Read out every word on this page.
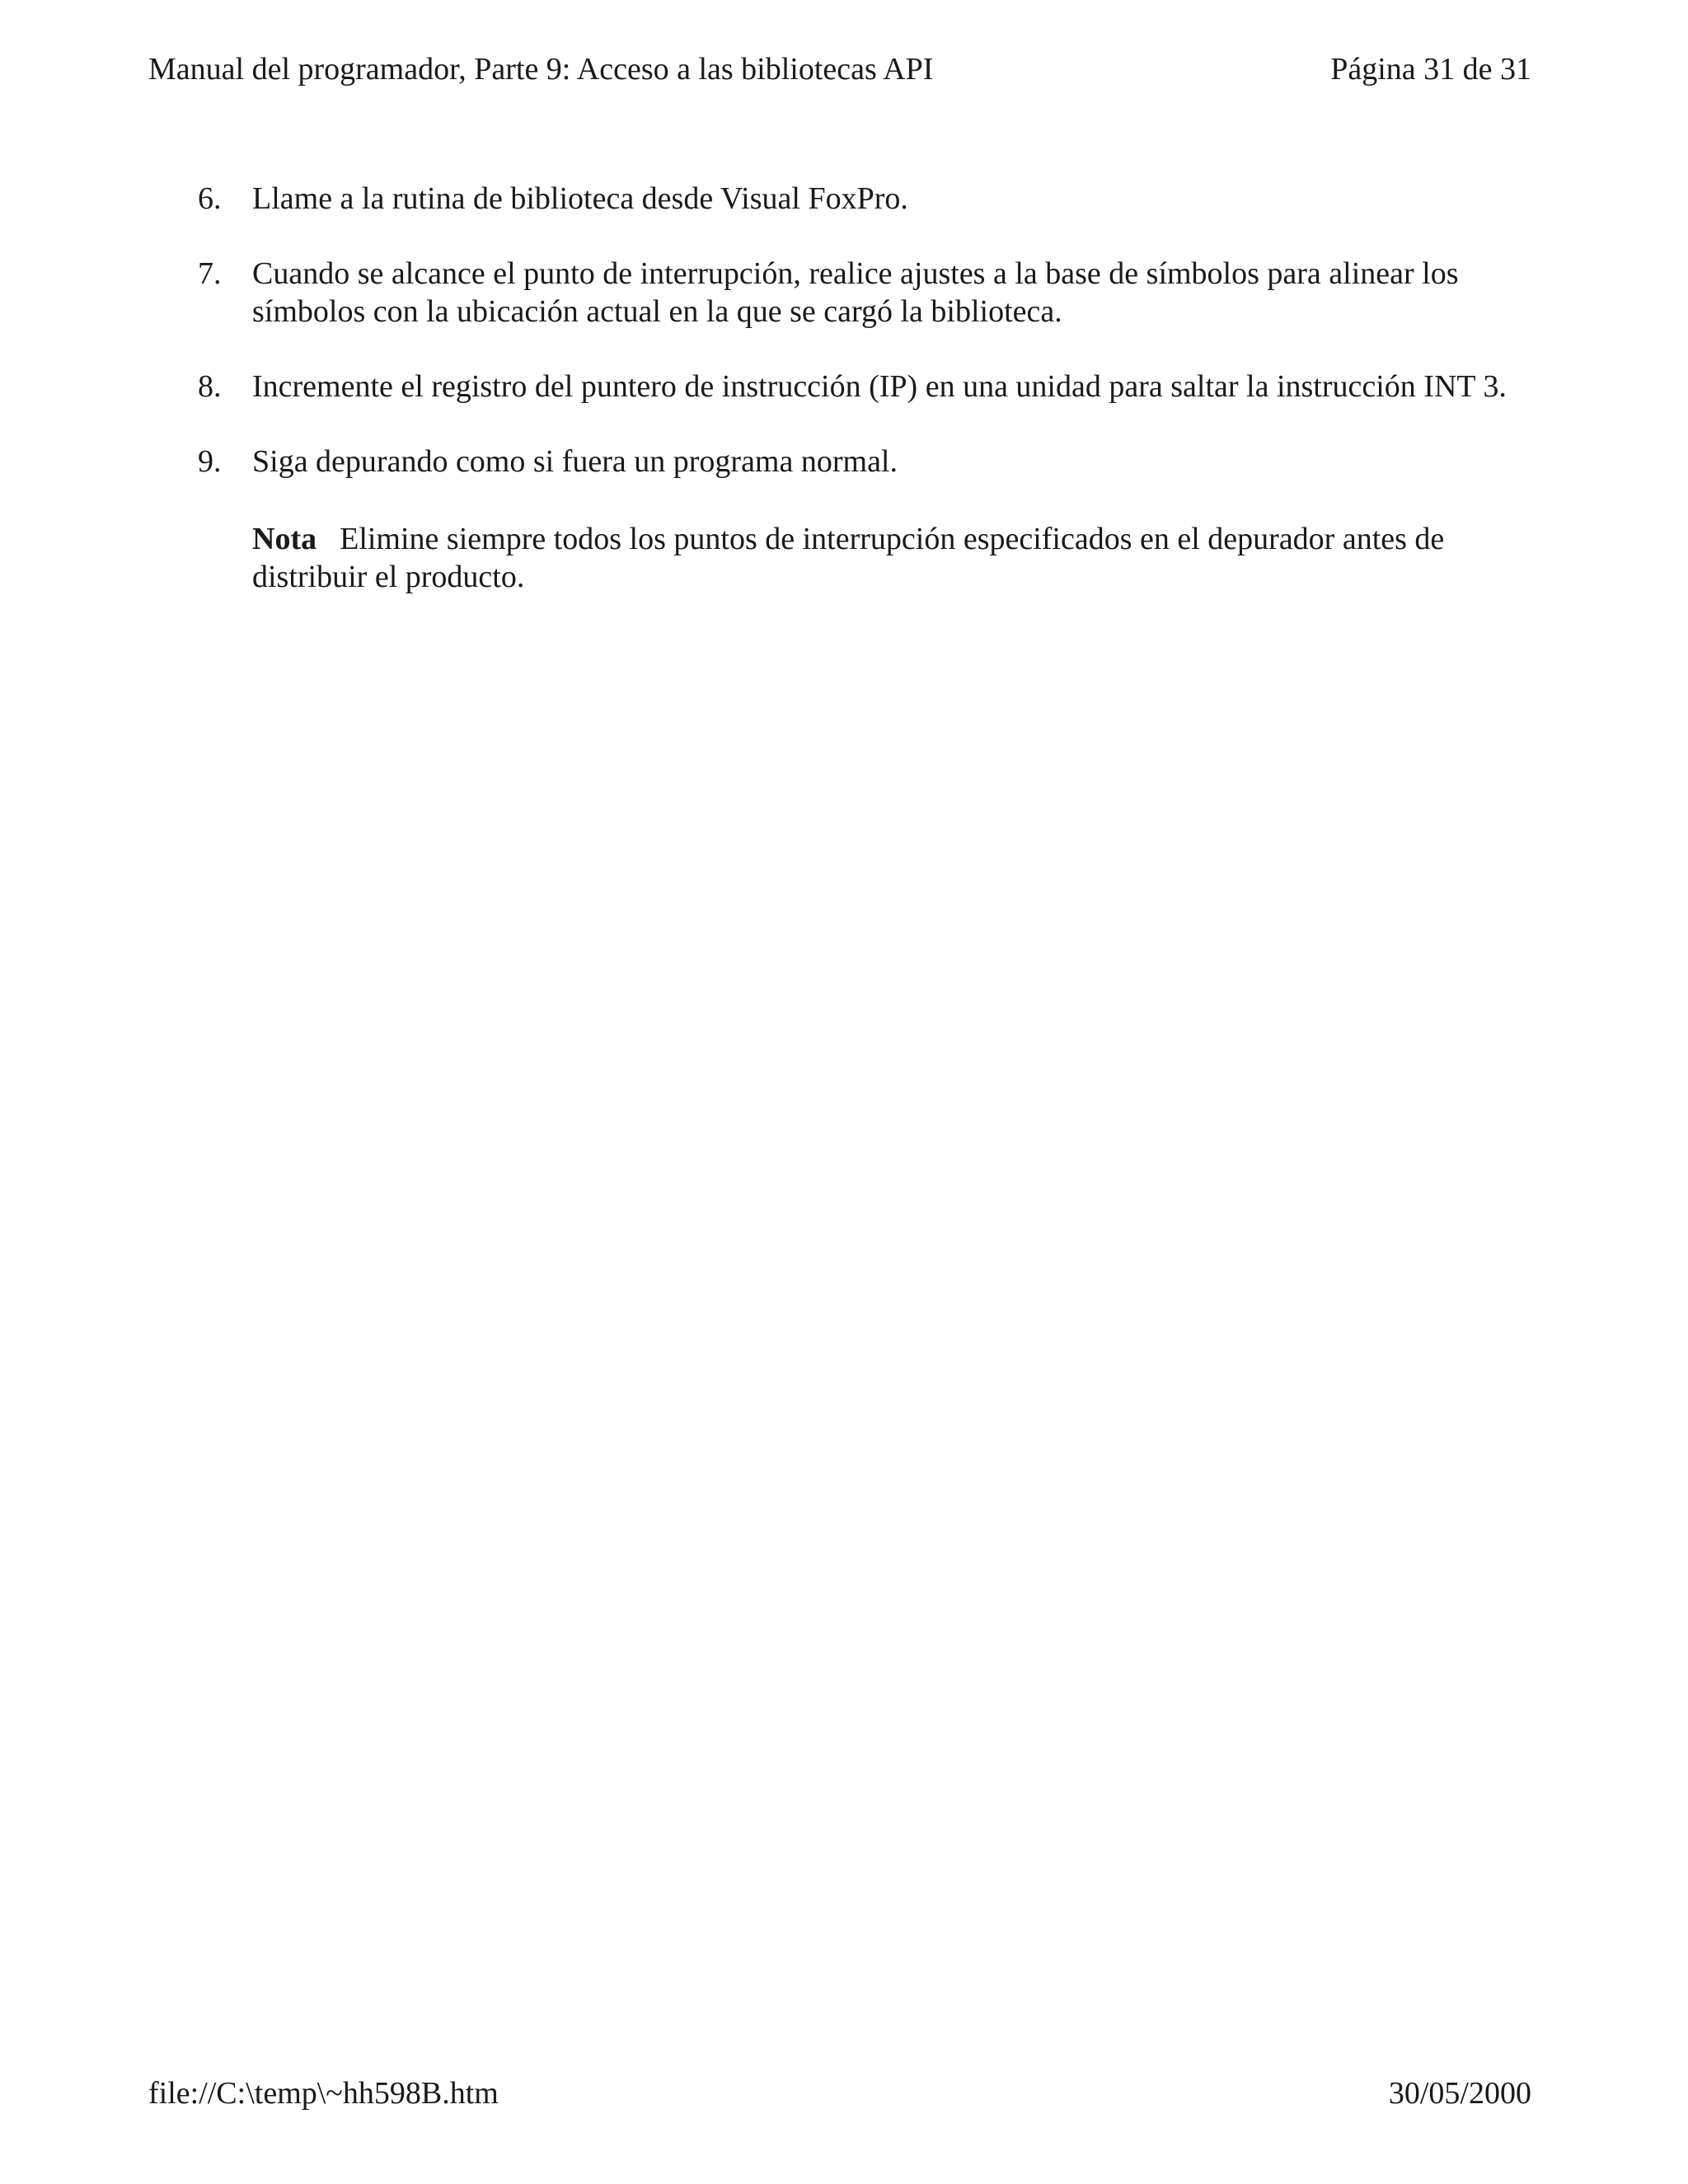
Manual del programador, Parte 9: Acceso a las bibliotecas API	Página 31 de 31
6. Llame a la rutina de biblioteca desde Visual FoxPro.
7. Cuando se alcance el punto de interrupción, realice ajustes a la base de símbolos para alinear los símbolos con la ubicación actual en la que se cargó la biblioteca.
8. Incremente el registro del puntero de instrucción (IP) en una unidad para saltar la instrucción INT 3.
9. Siga depurando como si fuera un programa normal.
Nota Elimine siempre todos los puntos de interrupción especificados en el depurador antes de distribuir el producto.
file://C:\temp\~hh598B.htm	30/05/2000
